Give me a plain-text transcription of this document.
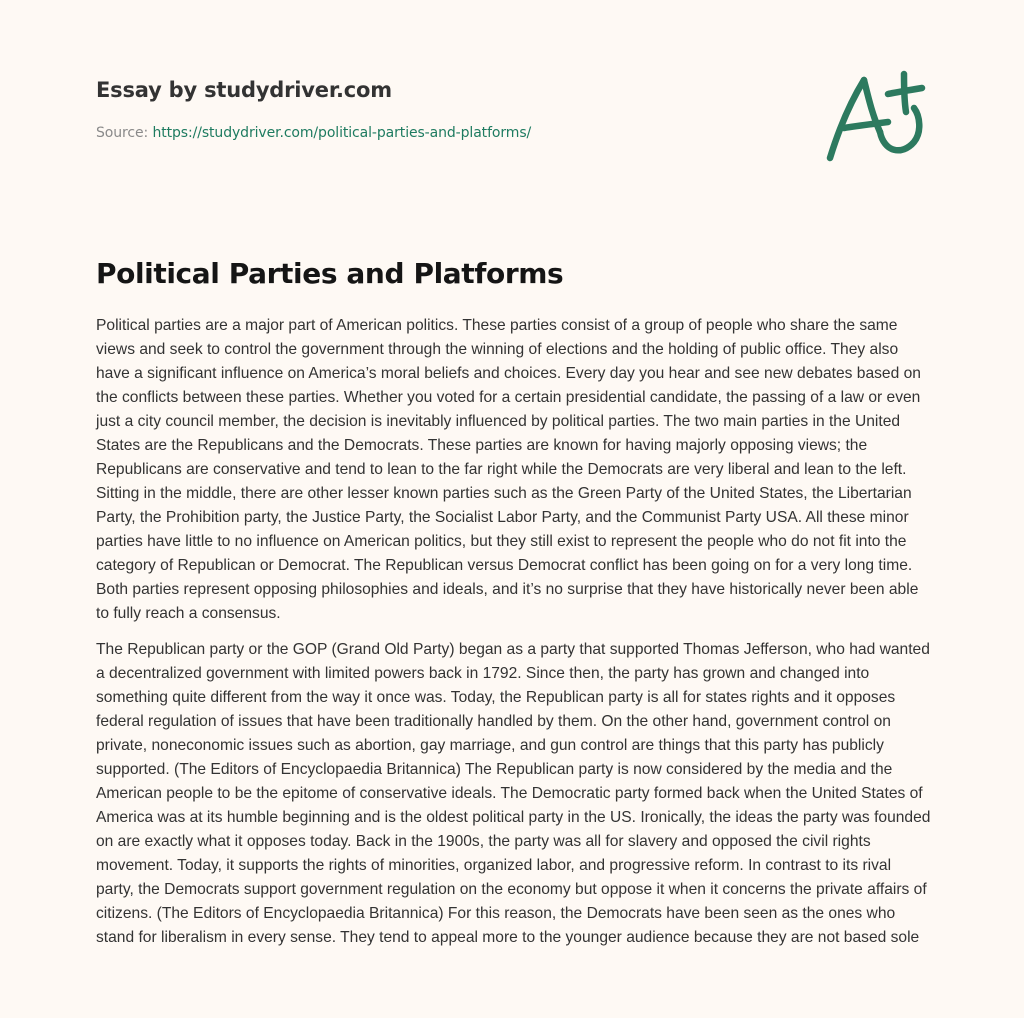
Essay by studydriver.com
Source: https://studydriver.com/political-parties-and-platforms/
Political Parties and Platforms

Political parties are a major part of American politics. These parties consist of a group of people who share the same views and seek to control the government through the winning of elections and the holding of public office. They also have a significant influence on America’s moral beliefs and choices. Every day you hear and see new debates based on the conflicts between these parties. Whether you voted for a certain presidential candidate, the passing of a law or even just a city council member, the decision is inevitably influenced by political parties. The two main parties in the United States are the Republicans and the Democrats. These parties are known for having majorly opposing views; the Republicans are conservative and tend to lean to the far right while the Democrats are very liberal and lean to the left. Sitting in the middle, there are other lesser known parties such as the Green Party of the United States, the Libertarian Party, the Prohibition party, the Justice Party, the Socialist Labor Party, and the Communist Party USA. All these minor parties have little to no influence on American politics, but they still exist to represent the people who do not fit into the category of Republican or Democrat. The Republican versus Democrat conflict has been going on for a very long time. Both parties represent opposing philosophies and ideals, and it’s no surprise that they have historically never been able to fully reach a consensus.

The Republican party or the GOP (Grand Old Party) began as a party that supported Thomas Jefferson, who had wanted a decentralized government with limited powers back in 1792. Since then, the party has grown and changed into something quite different from the way it once was. Today, the Republican party is all for states rights and it opposes federal regulation of issues that have been traditionally handled by them. On the other hand, government control on private, noneconomic issues such as abortion, gay marriage, and gun control are things that this party has publicly supported. (The Editors of Encyclopaedia Britannica) The Republican party is now considered by the media and the American people to be the epitome of conservative ideals. The Democratic party formed back when the United States of America was at its humble beginning and is the oldest political party in the US. Ironically, the ideas the party was founded on are exactly what it opposes today. Back in the 1900s, the party was all for slavery and opposed the civil rights movement. Today, it supports the rights of minorities, organized labor, and progressive reform. In contrast to its rival party, the Democrats support government regulation on the economy but oppose it when it concerns the private affairs of citizens. (The Editors of Encyclopaedia Britannica) For this reason, the Democrats have been seen as the ones who stand for liberalism in every sense. They tend to appeal more to the younger audience because they are not based sole
